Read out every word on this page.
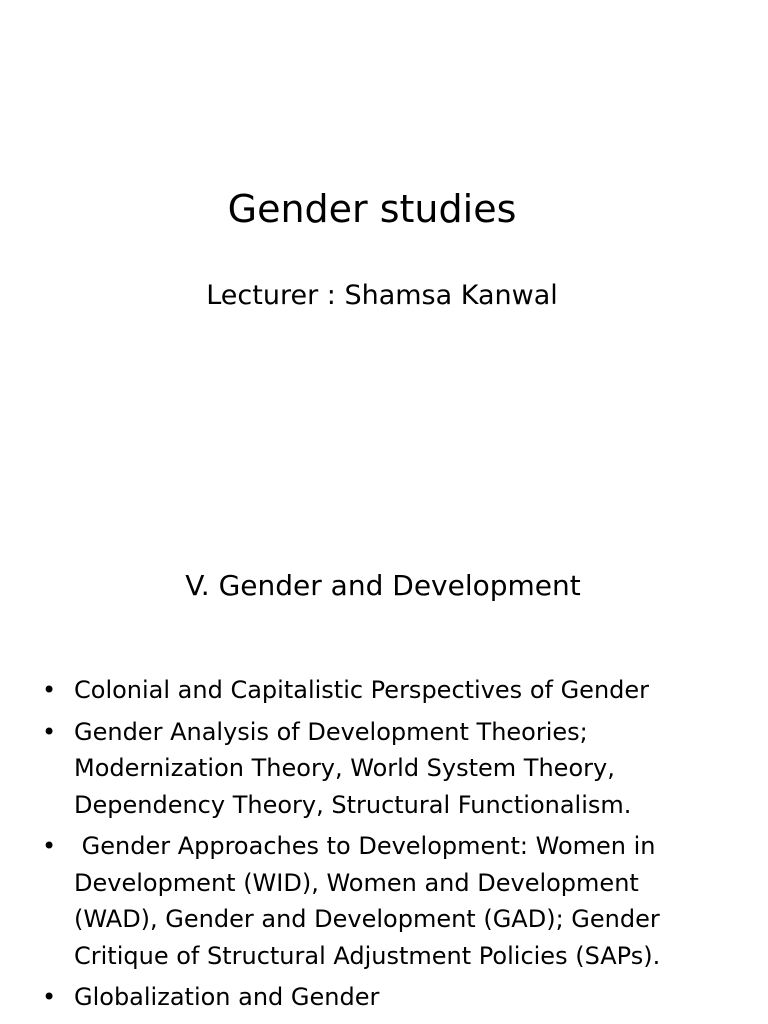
Gender studies
Lecturer : Shamsa Kanwal
V. Gender and Development
• Colonial and Capitalistic Perspectives of Gender
• Gender Analysis of Development Theories;
Modernization Theory, World System Theory,
Dependency Theory, Structural Functionalism.
• Gender Approaches to Development: Women in
Development (WID), Women and Development
(WAD), Gender and Development (GAD); Gender
Critique of Structural Adjustment Policies (SAPs).
• Globalization and Gender
